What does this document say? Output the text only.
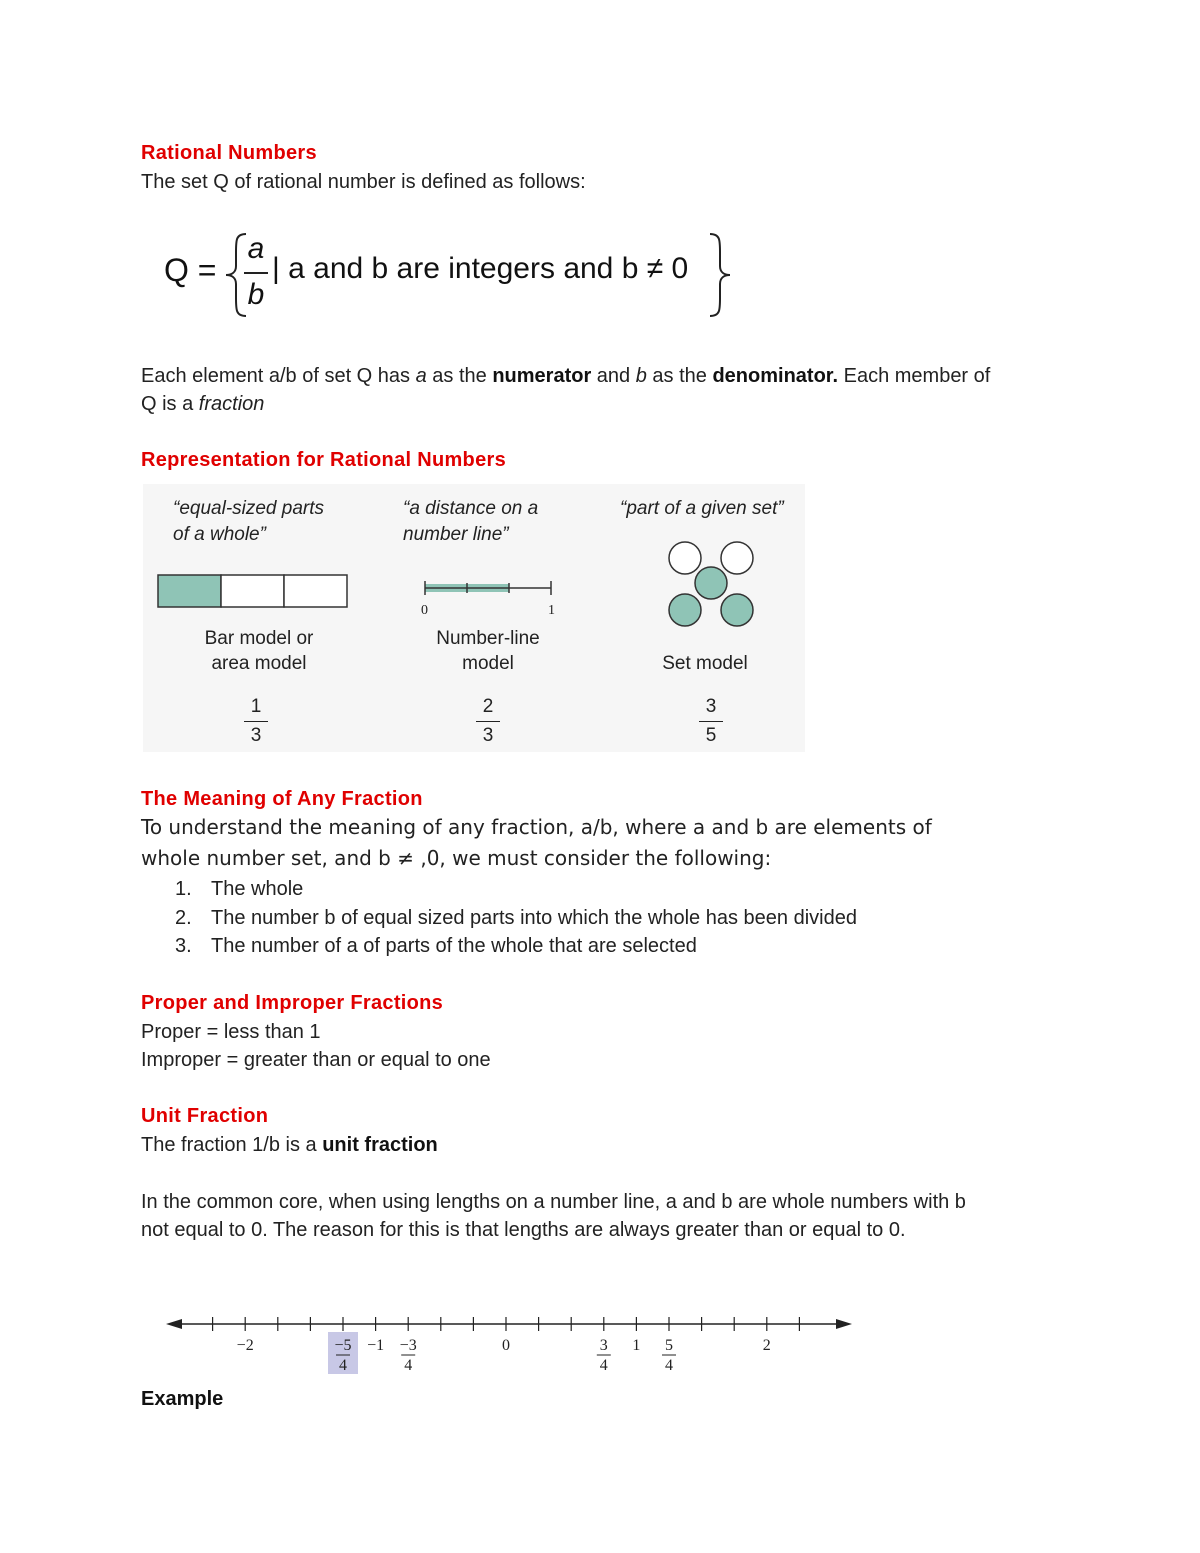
Rational Numbers
The set Q of rational number is defined as follows:
Q =
a
b
| a and b are integers and b ≠ 0
Each element a/b of set Q has a as the numerator and b as the denominator. Each member of
Q is a fraction
Representation for Rational Numbers
“equal-sized parts
of a whole”
Bar model or
area model
1
3
“a distance on a
number line”
0	1
Number-line
model
2
3
“part of a given set”
Set model
3
5
The Meaning of Any Fraction
To understand the meaning of any fraction, a/b, where a and b are elements of
whole number set, and b ≠ ,0, we must consider the following:
1. The whole
2. The number b of equal sized parts into which the whole has been divided
3. The number of a of parts of the whole that are selected
Proper and Improper Fractions
Proper = less than 1
Improper = greater than or equal to one
Unit Fraction
The fraction 1/b is a unit fraction
In the common core, when using lengths on a number line, a and b are whole numbers with b
not equal to 0. The reason for this is that lengths are always greater than or equal to 0.
−2	−1	0	1	2
−5
4
−3
4
3
4
5
4
Example
